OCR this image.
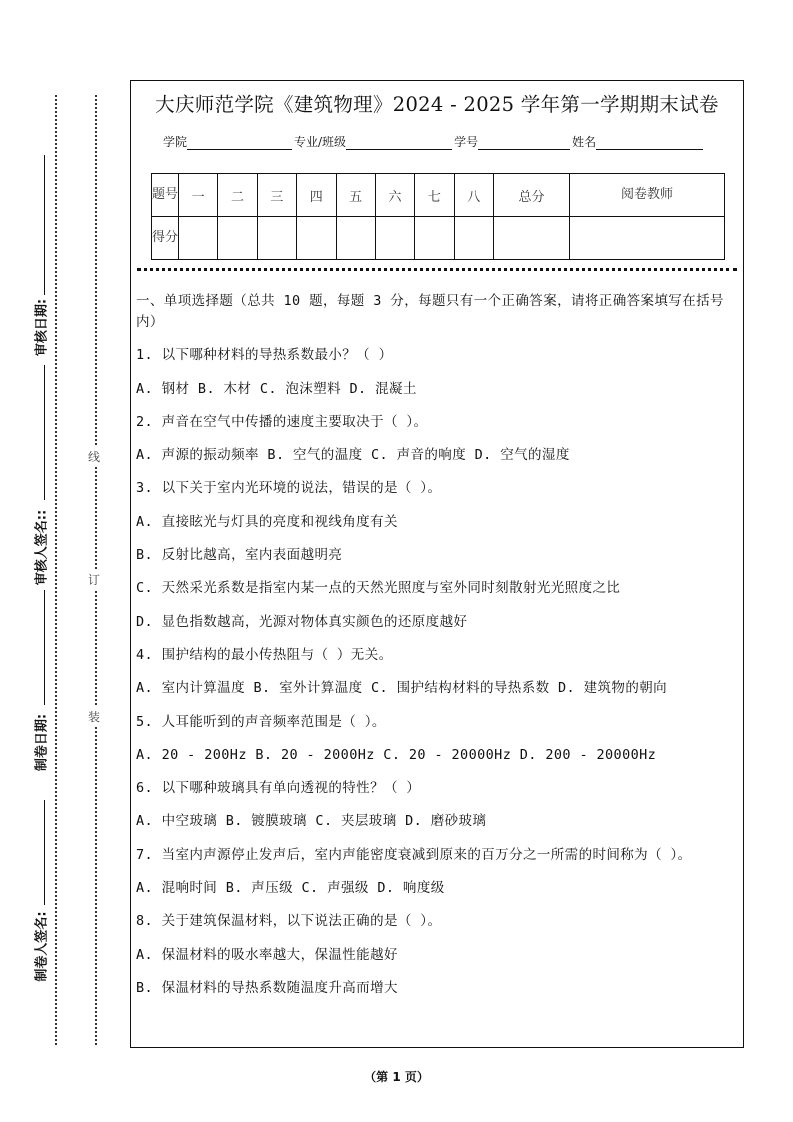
线
订
装
审核日期:
审核人签名::
制卷日期:
制卷人签名:
大庆师范学院《建筑物理》2024 - 2025 学年第一学期期末试卷
学院	专业/班级	学号	姓名
题号	一	二	三	四	五	六	七	八	总分	阅卷教师
得分										

一、单项选择题（总共 10 题，每题 3 分，每题只有一个正确答案，请将正确答案填写在括号内）

1. 以下哪种材料的导热系数最小？（ ）

A. 钢材 B. 木材 C. 泡沫塑料 D. 混凝土

2. 声音在空气中传播的速度主要取决于（ ）。

A. 声源的振动频率 B. 空气的温度 C. 声音的响度 D. 空气的湿度

3. 以下关于室内光环境的说法，错误的是（ ）。

A. 直接眩光与灯具的亮度和视线角度有关

B. 反射比越高，室内表面越明亮

C. 天然采光系数是指室内某一点的天然光照度与室外同时刻散射光光照度之比

D. 显色指数越高，光源对物体真实颜色的还原度越好

4. 围护结构的最小传热阻与（ ）无关。

A. 室内计算温度 B. 室外计算温度 C. 围护结构材料的导热系数 D. 建筑物的朝向

5. 人耳能听到的声音频率范围是（ ）。

A. 20 - 200Hz B. 20 - 2000Hz C. 20 - 20000Hz D. 200 - 20000Hz

6. 以下哪种玻璃具有单向透视的特性？（ ）

A. 中空玻璃 B. 镀膜玻璃 C. 夹层玻璃 D. 磨砂玻璃

7. 当室内声源停止发声后，室内声能密度衰减到原来的百万分之一所需的时间称为（ ）。

A. 混响时间 B. 声压级 C. 声强级 D. 响度级

8. 关于建筑保温材料，以下说法正确的是（ ）。

A. 保温材料的吸水率越大，保温性能越好

B. 保温材料的导热系数随温度升高而增大

（第 1 页）
